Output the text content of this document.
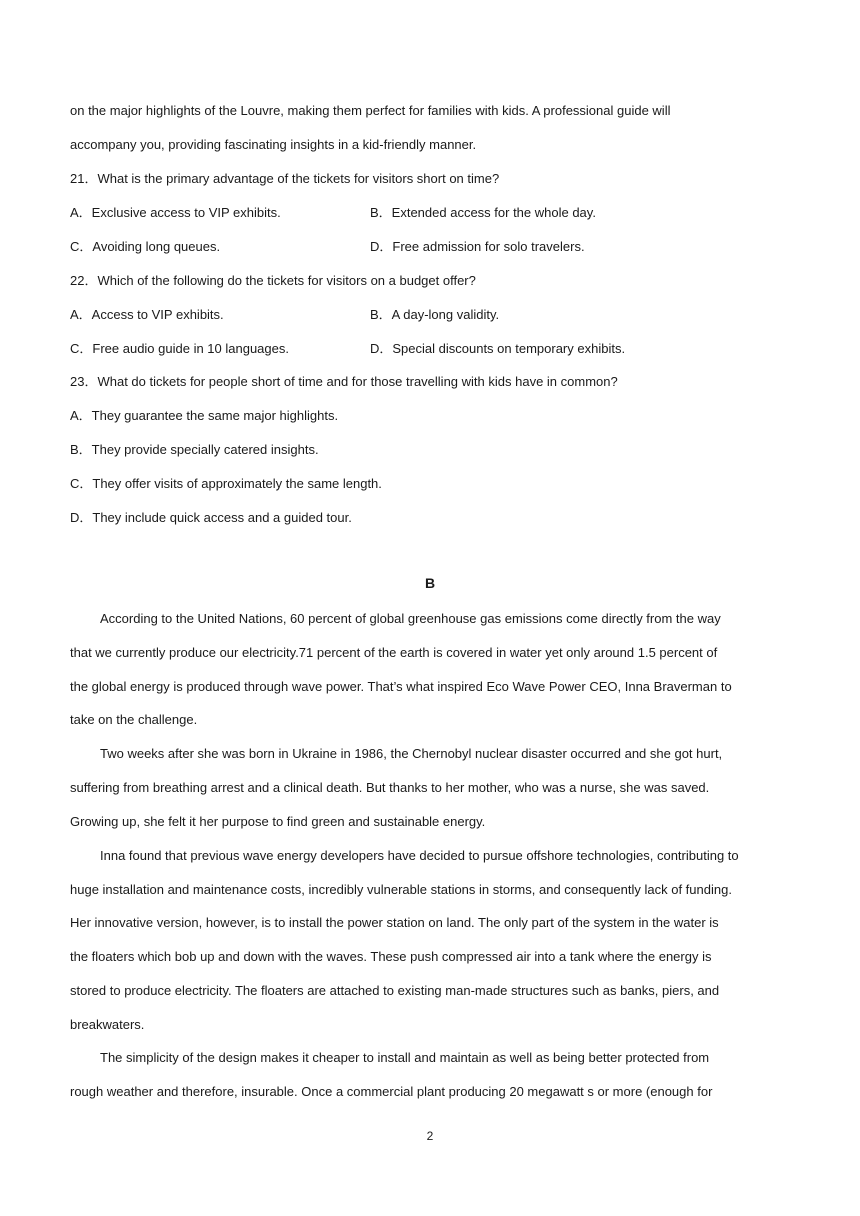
on the major highlights of the Louvre, making them perfect for families with kids. A professional guide will
accompany you, providing fascinating insights in a kid-friendly manner.
21．What is the primary advantage of the tickets for visitors short on time?
A．Exclusive access to VIP exhibits.	B．Extended access for the whole day.
C．Avoiding long queues.	D．Free admission for solo travelers.
22．Which of the following do the tickets for visitors on a budget offer?
A．Access to VIP exhibits.	B．A day-long validity.
C．Free audio guide in 10 languages.	D．Special discounts on temporary exhibits.
23．What do tickets for people short of time and for those travelling with kids have in common?
A．They guarantee the same major highlights.
B．They provide specially catered insights.
C．They offer visits of approximately the same length.
D．They include quick access and a guided tour.
B
According to the United Nations, 60 percent of global greenhouse gas emissions come directly from the way
that we currently produce our electricity.71 percent of the earth is covered in water yet only around 1.5 percent of
the global energy is produced through wave power. That’s what inspired Eco Wave Power CEO, Inna Braverman to
take on the challenge.
Two weeks after she was born in Ukraine in 1986, the Chernobyl nuclear disaster occurred and she got hurt,
suffering from breathing arrest and a clinical death. But thanks to her mother, who was a nurse, she was saved.
Growing up, she felt it her purpose to find green and sustainable energy.
Inna found that previous wave energy developers have decided to pursue offshore technologies, contributing to
huge installation and maintenance costs, incredibly vulnerable stations in storms, and consequently lack of funding.
Her innovative version, however, is to install the power station on land. The only part of the system in the water is
the floaters which bob up and down with the waves. These push compressed air into a tank where the energy is
stored to produce electricity. The floaters are attached to existing man-made structures such as banks, piers, and
breakwaters.
The simplicity of the design makes it cheaper to install and maintain as well as being better protected from
rough weather and therefore, insurable. Once a commercial plant producing 20 megawatt s or more (enough for
2
